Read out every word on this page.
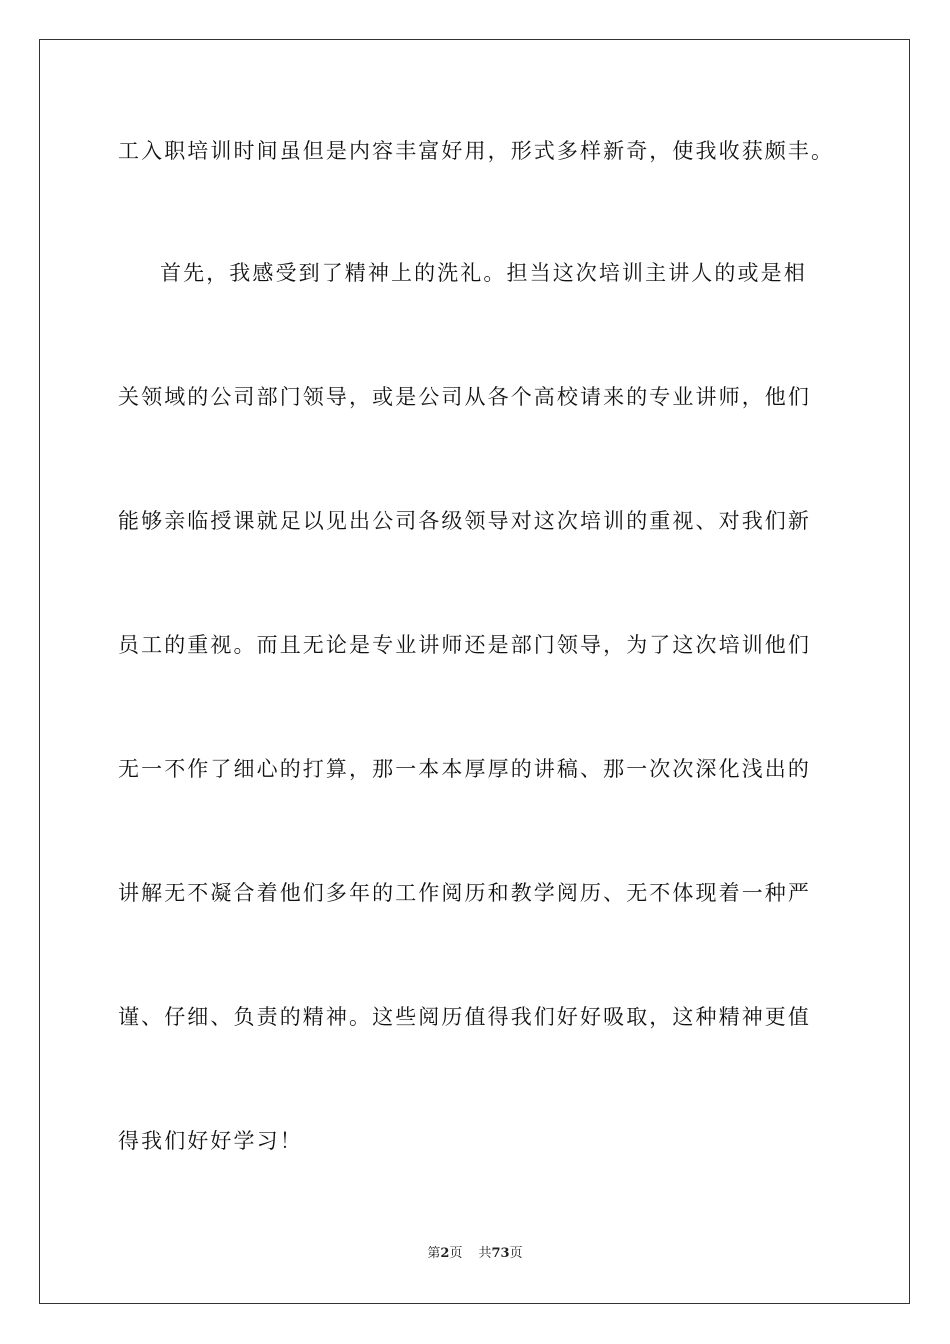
工入职培训时间虽但是内容丰富好用，形式多样新奇，使我收获颇丰。

首先，我感受到了精神上的洗礼。担当这次培训主讲人的或是相

关领域的公司部门领导，或是公司从各个高校请来的专业讲师，他们

能够亲临授课就足以见出公司各级领导对这次培训的重视、对我们新

员工的重视。而且无论是专业讲师还是部门领导，为了这次培训他们

无一不作了细心的打算，那一本本厚厚的讲稿、那一次次深化浅出的

讲解无不凝合着他们多年的工作阅历和教学阅历、无不体现着一种严

谨、仔细、负责的精神。这些阅历值得我们好好吸取，这种精神更值

得我们好好学习！

第2页 共73页
